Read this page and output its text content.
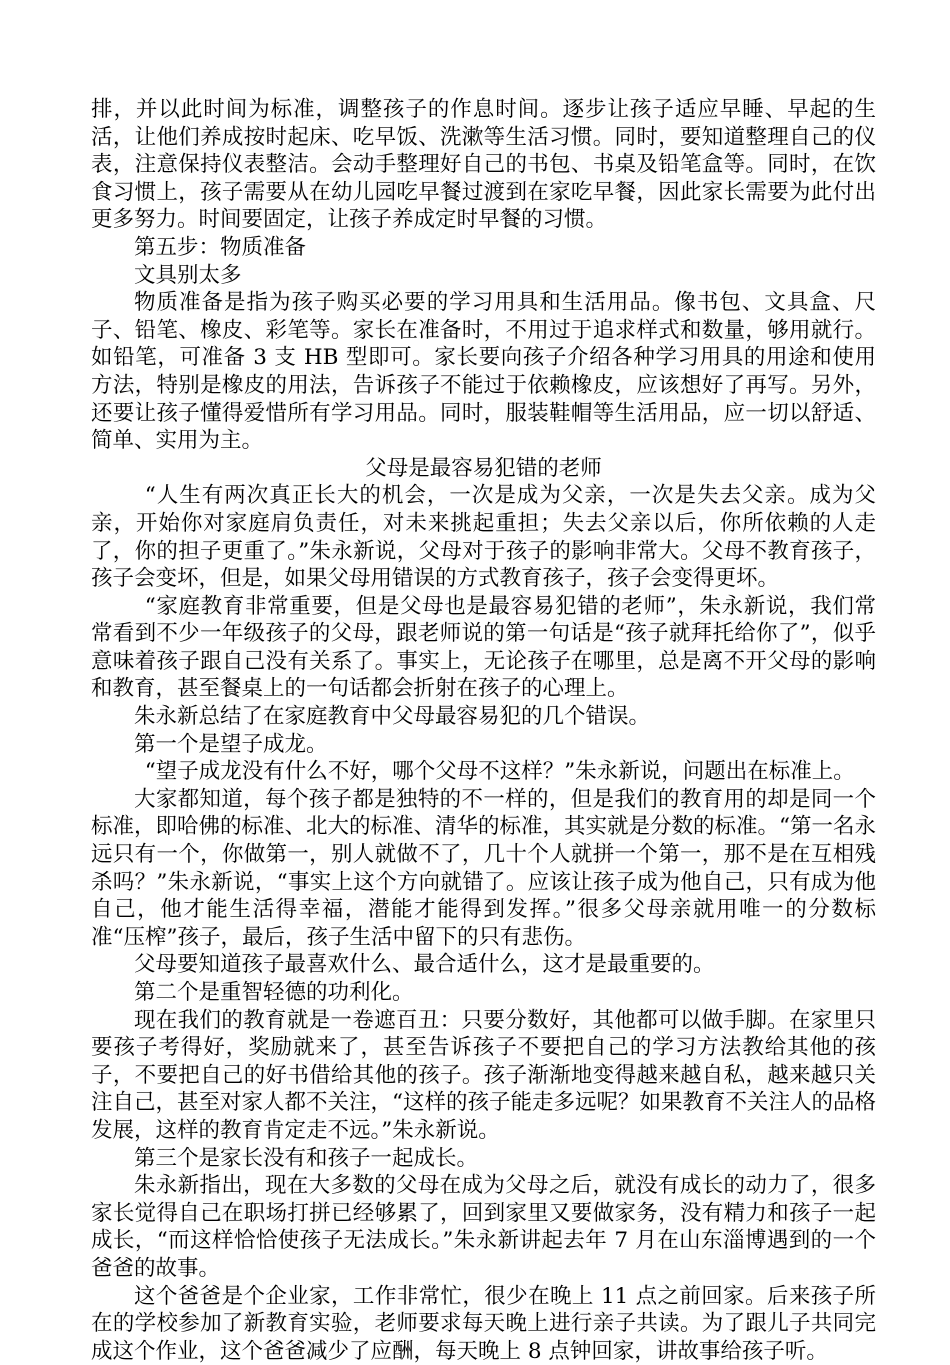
排，并以此时间为标准，调整孩子的作息时间。逐步让孩子适应早睡、早起的生活，让他们养成按时起床、吃早饭、洗漱等生活习惯。同时，要知道整理自己的仪表，注意保持仪表整洁。会动手整理好自己的书包、书桌及铅笔盒等。同时，在饮食习惯上，孩子需要从在幼儿园吃早餐过渡到在家吃早餐，因此家长需要为此付出更多努力。时间要固定，让孩子养成定时早餐的习惯。

第五步：物质准备

文具别太多

物质准备是指为孩子购买必要的学习用具和生活用品。像书包、文具盒、尺子、铅笔、橡皮、彩笔等。家长在准备时，不用过于追求样式和数量，够用就行。如铅笔，可准备 3 支 HB 型即可。家长要向孩子介绍各种学习用具的用途和使用方法，特别是橡皮的用法，告诉孩子不能过于依赖橡皮，应该想好了再写。另外，还要让孩子懂得爱惜所有学习用品。同时，服装鞋帽等生活用品，应一切以舒适、简单、实用为主。

父母是最容易犯错的老师

“人生有两次真正长大的机会，一次是成为父亲，一次是失去父亲。成为父亲，开始你对家庭肩负责任，对未来挑起重担；失去父亲以后，你所依赖的人走了，你的担子更重了。”朱永新说，父母对于孩子的影响非常大。父母不教育孩子，孩子会变坏，但是，如果父母用错误的方式教育孩子，孩子会变得更坏。

“家庭教育非常重要，但是父母也是最容易犯错的老师”，朱永新说，我们常常看到不少一年级孩子的父母，跟老师说的第一句话是“孩子就拜托给你了”，似乎意味着孩子跟自己没有关系了。事实上，无论孩子在哪里，总是离不开父母的影响和教育，甚至餐桌上的一句话都会折射在孩子的心理上。

朱永新总结了在家庭教育中父母最容易犯的几个错误。

第一个是望子成龙。

“望子成龙没有什么不好，哪个父母不这样？”朱永新说，问题出在标准上。

大家都知道，每个孩子都是独特的不一样的，但是我们的教育用的却是同一个标准，即哈佛的标准、北大的标准、清华的标准，其实就是分数的标准。“第一名永远只有一个，你做第一，别人就做不了，几十个人就拼一个第一，那不是在互相残杀吗？”朱永新说，“事实上这个方向就错了。应该让孩子成为他自己，只有成为他自己，他才能生活得幸福，潜能才能得到发挥。”很多父母亲就用唯一的分数标准“压榨”孩子，最后，孩子生活中留下的只有悲伤。

父母要知道孩子最喜欢什么、最合适什么，这才是最重要的。

第二个是重智轻德的功利化。

现在我们的教育就是一卷遮百丑：只要分数好，其他都可以做手脚。在家里只要孩子考得好，奖励就来了，甚至告诉孩子不要把自己的学习方法教给其他的孩子，不要把自己的好书借给其他的孩子。孩子渐渐地变得越来越自私，越来越只关注自己，甚至对家人都不关注，“这样的孩子能走多远呢？如果教育不关注人的品格发展，这样的教育肯定走不远。”朱永新说。

第三个是家长没有和孩子一起成长。

朱永新指出，现在大多数的父母在成为父母之后，就没有成长的动力了，很多家长觉得自己在职场打拼已经够累了，回到家里又要做家务，没有精力和孩子一起成长，“而这样恰恰使孩子无法成长。”朱永新讲起去年 7 月在山东淄博遇到的一个爸爸的故事。

这个爸爸是个企业家，工作非常忙，很少在晚上 11 点之前回家。后来孩子所在的学校参加了新教育实验，老师要求每天晚上进行亲子共读。为了跟儿子共同完成这个作业，这个爸爸减少了应酬，每天晚上 8 点钟回家，讲故事给孩子听。
